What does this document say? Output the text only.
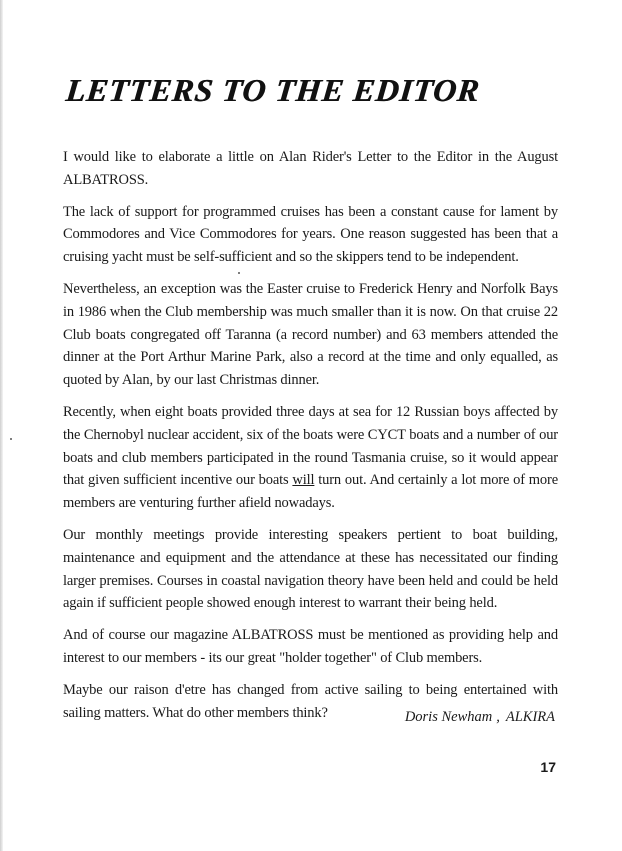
LETTERS TO THE EDITOR

I would like to elaborate a little on Alan Rider's Letter to the Editor in the August ALBATROSS.

The lack of support for programmed cruises has been a constant cause for lament by Commodores and Vice Commodores for years. One reason suggested has been that a cruising yacht must be self-sufficient and so the skippers tend to be independent.

Nevertheless, an exception was the Easter cruise to Frederick Henry and Norfolk Bays in 1986 when the Club membership was much smaller than it is now. On that cruise 22 Club boats congregated off Taranna (a record number) and 63 members attended the dinner at the Port Arthur Marine Park, also a record at the time and only equalled, as quoted by Alan, by our last Christmas dinner.

Recently, when eight boats provided three days at sea for 12 Russian boys affected by the Chernobyl nuclear accident, six of the boats were CYCT boats and a number of our boats and club members participated in the round Tasmania cruise, so it would appear that given sufficient incentive our boats will turn out. And certainly a lot more of more members are venturing further afield nowadays.

Our monthly meetings provide interesting speakers pertient to boat building, maintenance and equipment and the attendance at these has necessitated our finding larger premises. Courses in coastal navigation theory have been held and could be held again if sufficient people showed enough interest to warrant their being held.

And of course our magazine ALBATROSS must be mentioned as providing help and interest to our members - its our great "holder together" of Club members.

Maybe our raison d'etre has changed from active sailing to being entertained with sailing matters. What do other members think?	Doris Newham , ALKIRA
17
